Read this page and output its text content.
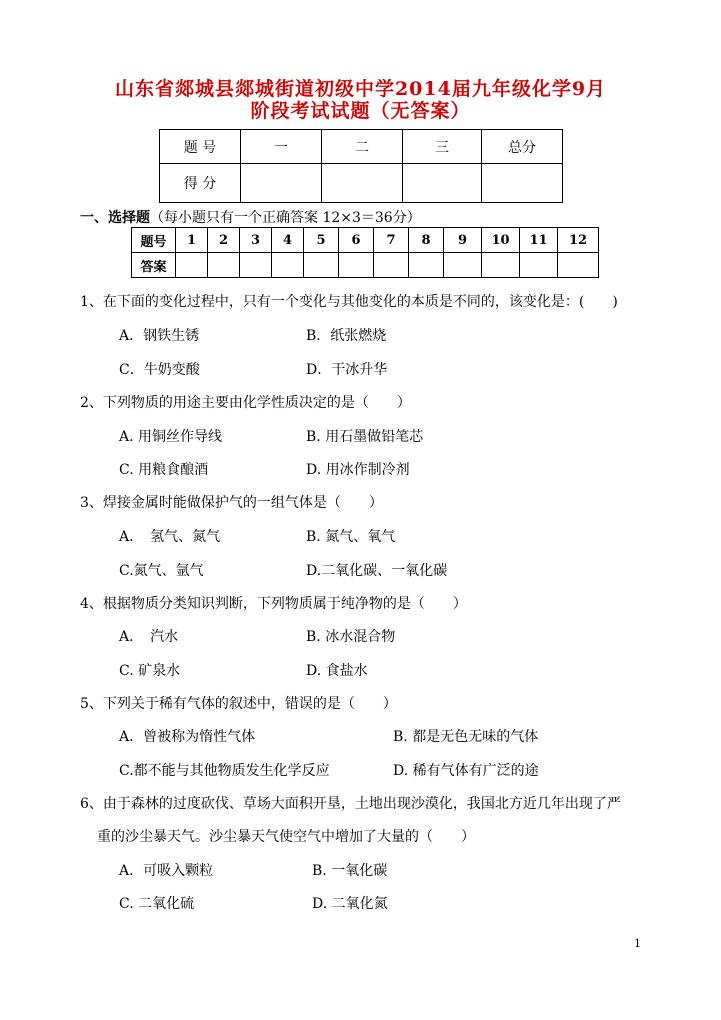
山东省郯城县郯城街道初级中学2014届九年级化学9月
阶段考试试题（无答案）
题 号	一	二	三	总分
得 分				
一、选择题（每小题只有一个正确答案 12×3＝36分）
题号	1	2	3	4	5	6	7	8	9	10	11	12
答案												
1、在下面的变化过程中，只有一个变化与其他变化的本质是不同的，该变化是：(　　)
A．钢铁生锈	B．纸张燃烧
C．牛奶变酸	D．干冰升华
2、下列物质的用途主要由化学性质决定的是（　　）
A. 用铜丝作导线	B. 用石墨做铅笔芯
C. 用粮食酿酒	D. 用冰作制冷剂
3、焊接金属时能做保护气的一组气体是（　　）
A．　氢气、氮气	B. 氮气、氧气
C.氮气、氩气	D.二氧化碳、一氧化碳
4、根据物质分类知识判断，下列物质属于纯净物的是（　　）
A．　汽水	B. 冰水混合物
C. 矿泉水	D. 食盐水
5、下列关于稀有气体的叙述中，错误的是（　　）
A．曾被称为惰性气体	B. 都是无色无味的气体
C.都不能与其他物质发生化学反应	D. 稀有气体有广泛的途
6、由于森林的过度砍伐、草场大面积开垦，土地出现沙漠化，我国北方近几年出现了严
重的沙尘暴天气。沙尘暴天气使空气中增加了大量的（　　）
A．可吸入颗粒	B. 一氧化碳
C. 二氧化硫	D. 二氧化氮
1
